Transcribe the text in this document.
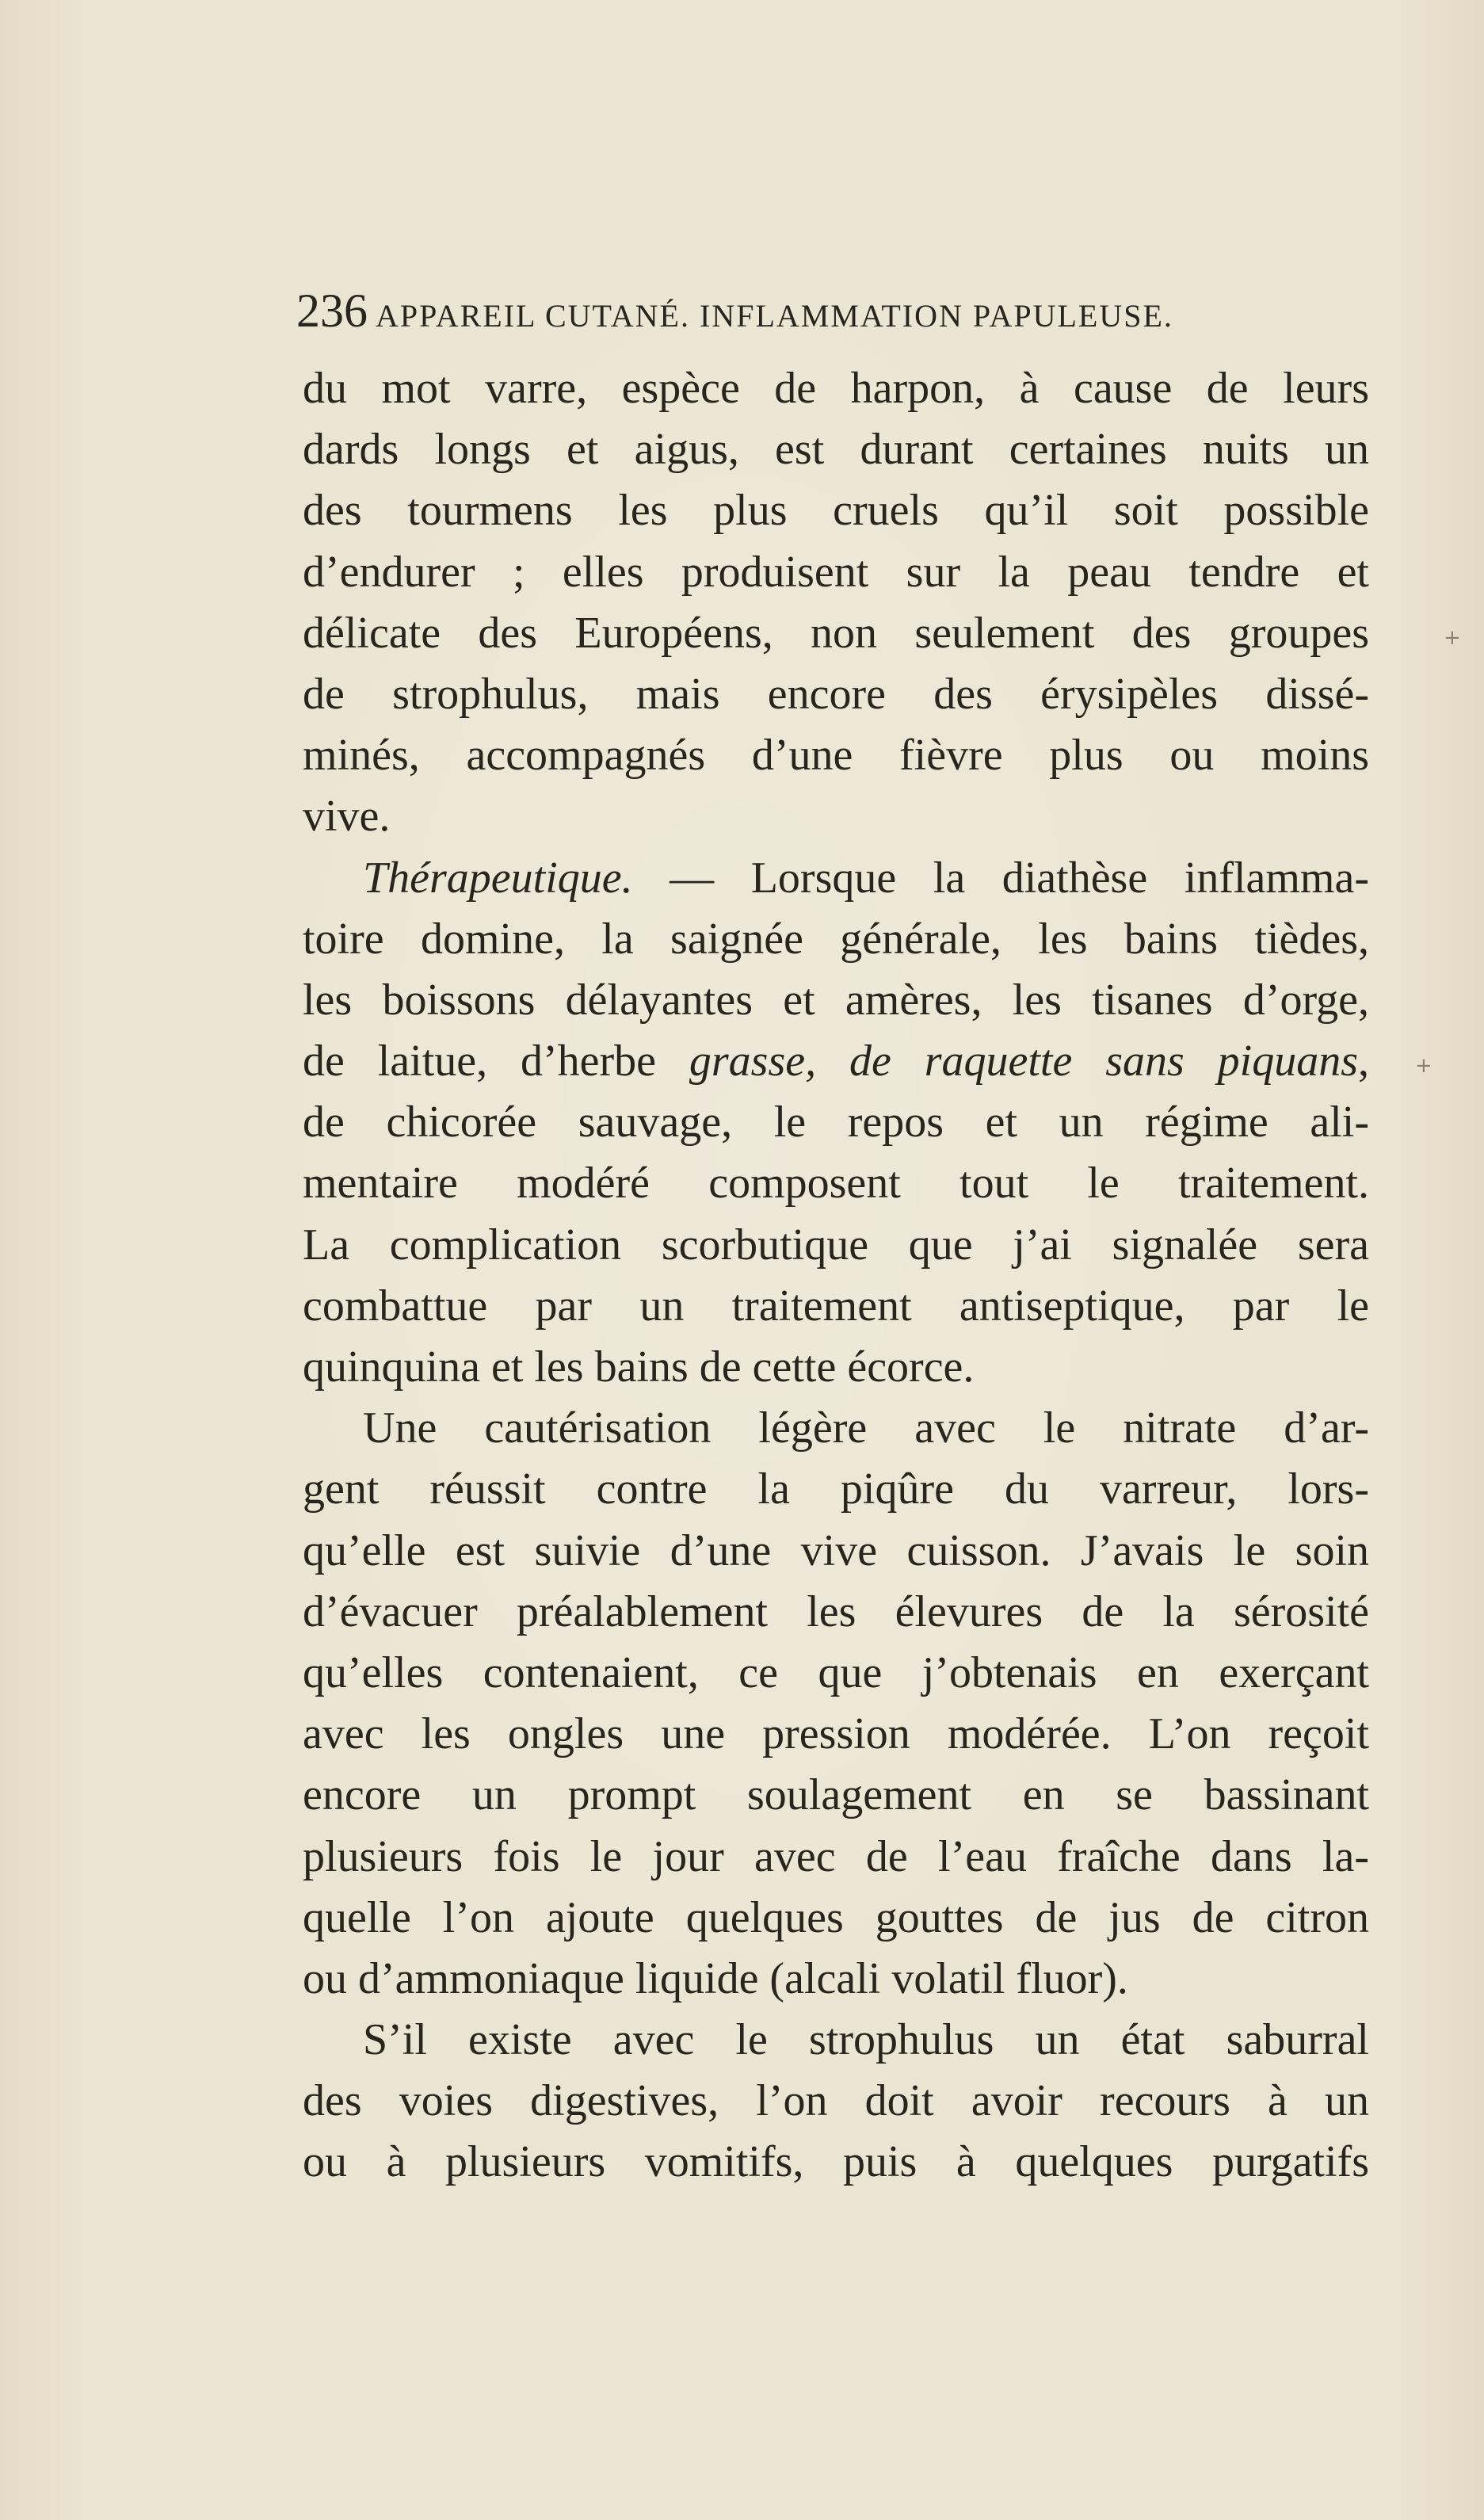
236 APPAREIL CUTANÉ. INFLAMMATION PAPULEUSE.
du mot varre, espèce de harpon, à cause de leurs
dards longs et aigus, est durant certaines nuits un
des tourmens les plus cruels qu’il soit possible
d’endurer ; elles produisent sur la peau tendre et
délicate des Européens, non seulement des groupes
de strophulus, mais encore des érysipèles dissé-
minés, accompagnés d’une fièvre plus ou moins
vive.
Thérapeutique. — Lorsque la diathèse inflamma-
toire domine, la saignée générale, les bains tièdes,
les boissons délayantes et amères, les tisanes d’orge,
de laitue, d’herbe grasse, de raquette sans piquans,
de chicorée sauvage, le repos et un régime ali-
mentaire modéré composent tout le traitement.
La complication scorbutique que j’ai signalée sera
combattue par un traitement antiseptique, par le
quinquina et les bains de cette écorce.
Une cautérisation légère avec le nitrate d’ar-
gent réussit contre la piqûre du varreur, lors-
qu’elle est suivie d’une vive cuisson. J’avais le soin
d’évacuer préalablement les élevures de la sérosité
qu’elles contenaient, ce que j’obtenais en exerçant
avec les ongles une pression modérée. L’on reçoit
encore un prompt soulagement en se bassinant
plusieurs fois le jour avec de l’eau fraîche dans la-
quelle l’on ajoute quelques gouttes de jus de citron
ou d’ammoniaque liquide (alcali volatil fluor).
S’il existe avec le strophulus un état saburral
des voies digestives, l’on doit avoir recours à un
ou à plusieurs vomitifs, puis à quelques purgatifs
+
+
